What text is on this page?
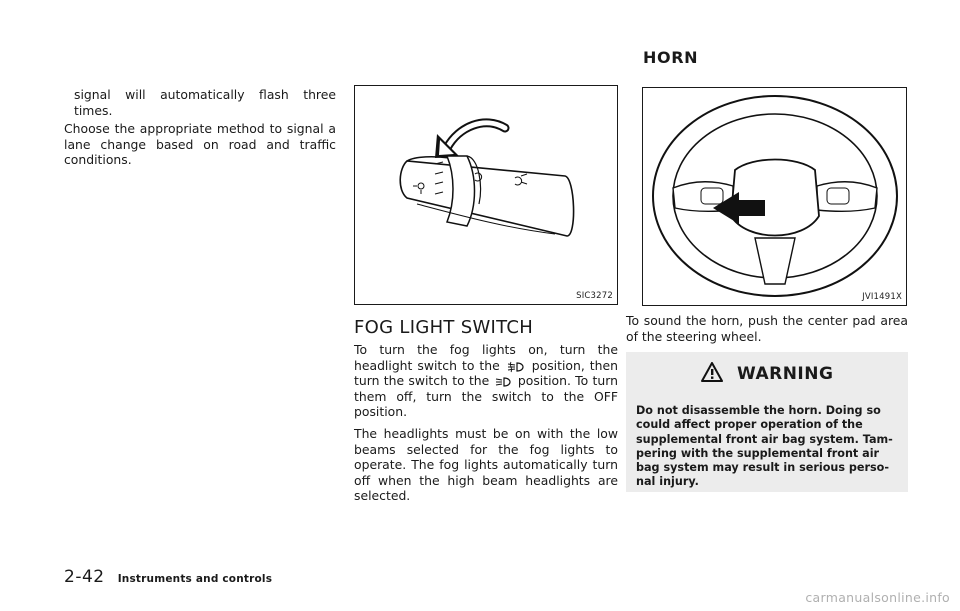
signal will automatically flash three times.

Choose the appropriate method to signal a lane change based on road and traffic conditions.

SIC3272
FOG LIGHT SWITCH

To turn the fog lights on, turn the headlight switch to the	position, then turn the switch to the position. To turn them off, turn the switch to the OFF position.

The headlights must be on with the low beams selected for the fog lights to operate. The fog lights automatically turn off when the high beam headlights are selected.

HORN
JVI1491X

To sound the horn, push the center pad area of the steering wheel.

WARNING

Do not disassemble the horn. Doing so could affect proper operation of the supplemental front air bag system. Tam-pering with the supplemental front air bag system may result in serious perso-nal injury.

2-42 Instruments and controls
carmanualsonline.info
